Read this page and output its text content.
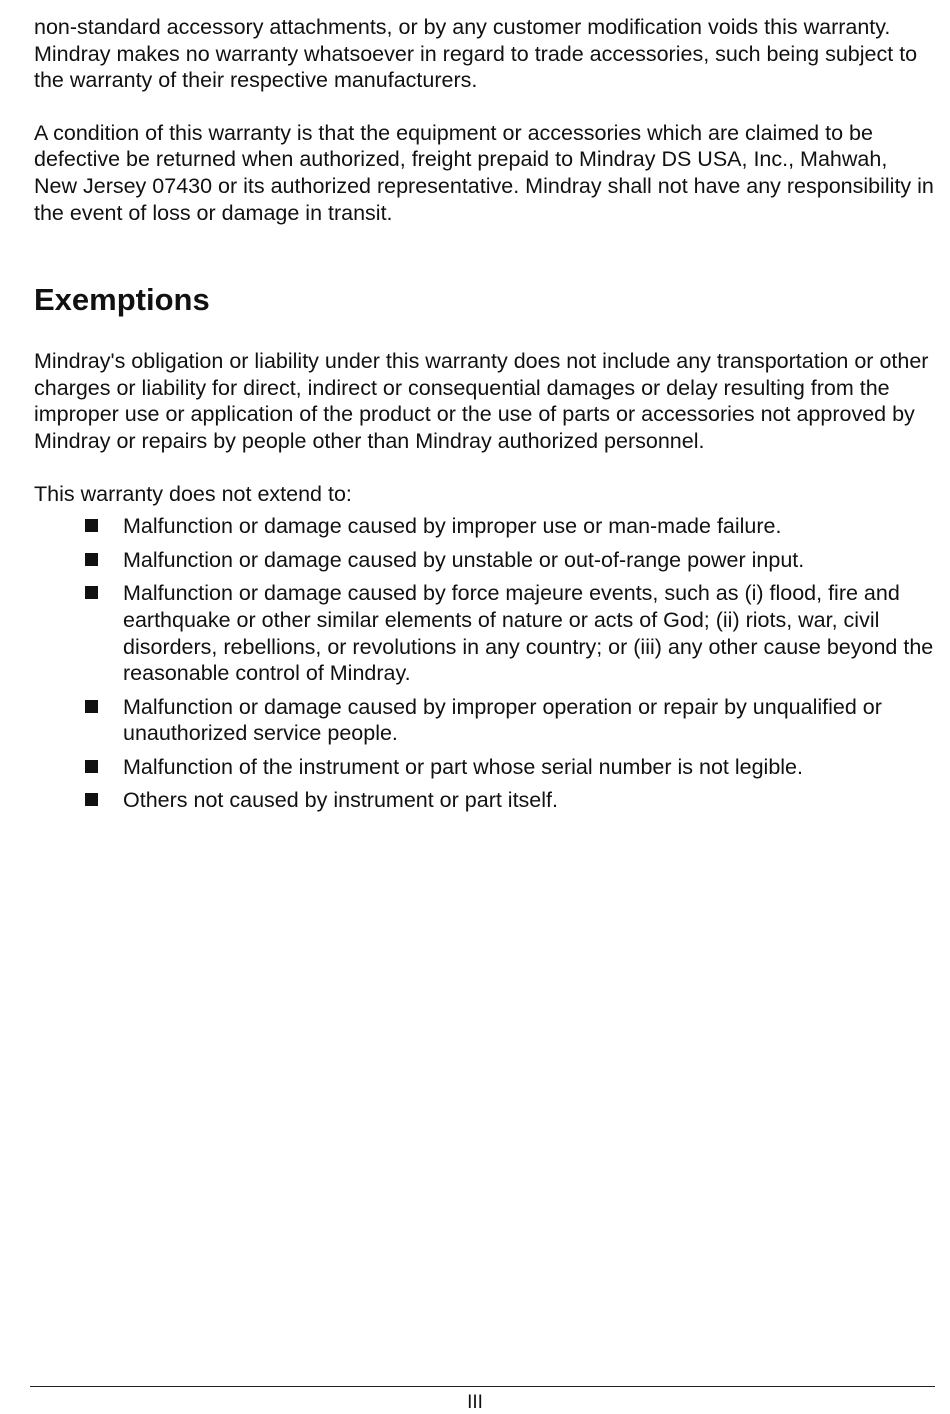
non-standard accessory attachments, or by any customer modification voids this warranty. Mindray makes no warranty whatsoever in regard to trade accessories, such being subject to the warranty of their respective manufacturers.

A condition of this warranty is that the equipment or accessories which are claimed to be defective be returned when authorized, freight prepaid to Mindray DS USA, Inc., Mahwah, New Jersey 07430 or its authorized representative. Mindray shall not have any responsibility in the event of loss or damage in transit.

Exemptions

Mindray's obligation or liability under this warranty does not include any transportation or other charges or liability for direct, indirect or consequential damages or delay resulting from the improper use or application of the product or the use of parts or accessories not approved by Mindray or repairs by people other than Mindray authorized personnel.

This warranty does not extend to:

Malfunction or damage caused by improper use or man-made failure.
Malfunction or damage caused by unstable or out-of-range power input.
Malfunction or damage caused by force majeure events, such as (i) flood, fire and earthquake or other similar elements of nature or acts of God; (ii) riots, war, civil disorders, rebellions, or revolutions in any country; or (iii) any other cause beyond the reasonable control of Mindray.
Malfunction or damage caused by improper operation or repair by unqualified or unauthorized service people.
Malfunction of the instrument or part whose serial number is not legible.
Others not caused by instrument or part itself.
III
